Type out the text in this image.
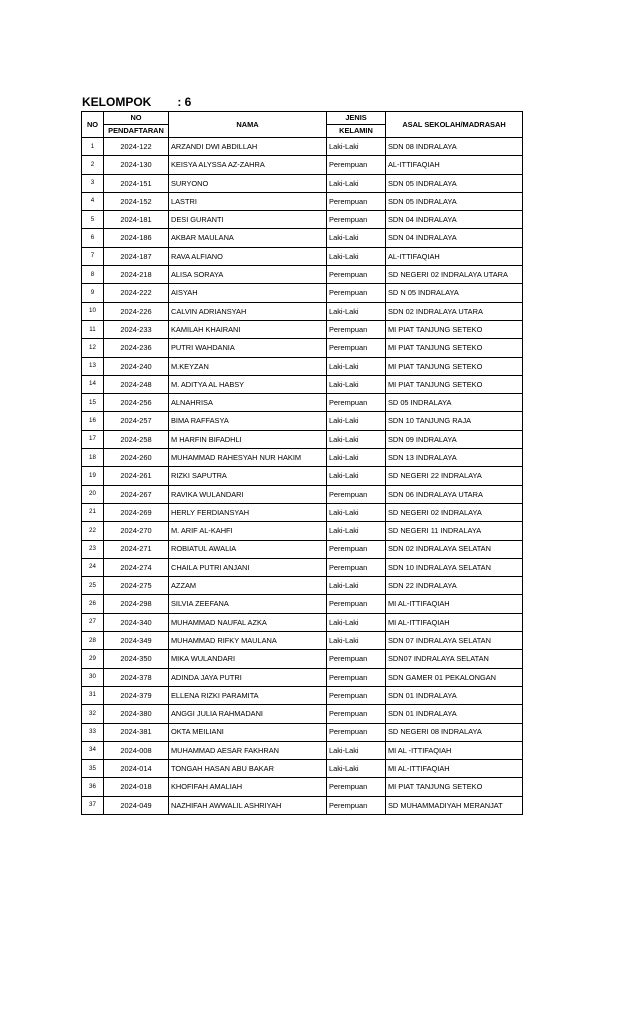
KELOMPOK : 6
NO	NO	NAMA	JENIS	ASAL SEKOLAH/MADRASAH
	PENDAFTARAN		KELAMIN	
1	2024-122	ARZANDI DWI ABDILLAH	Laki-Laki	SDN 08 INDRALAYA
2	2024-130	KEISYA ALYSSA AZ-ZAHRA	Perempuan	AL-ITTIFAQIAH
3	2024-151	SURYONO	Laki-Laki	SDN 05 INDRALAYA
4	2024-152	LASTRI	Perempuan	SDN 05 INDRALAYA
5	2024-181	DESI GURANTI	Perempuan	SDN 04 INDRALAYA
6	2024-186	AKBAR MAULANA	Laki-Laki	SDN 04 INDRALAYA
7	2024-187	RAVA ALFIANO	Laki-Laki	AL-ITTIFAQIAH
8	2024-218	ALISA SORAYA	Perempuan	SD NEGERI 02 INDRALAYA UTARA
9	2024-222	AISYAH	Perempuan	SD N 05 INDRALAYA
10	2024-226	CALVIN ADRIANSYAH	Laki-Laki	SDN 02 INDRALAYA UTARA
11	2024-233	KAMILAH KHAIRANI	Perempuan	MI PIAT TANJUNG SETEKO
12	2024-236	PUTRI WAHDANIA	Perempuan	MI PIAT TANJUNG SETEKO
13	2024-240	M.KEYZAN	Laki-Laki	MI PIAT TANJUNG SETEKO
14	2024-248	M. ADITYA AL HABSY	Laki-Laki	MI PIAT TANJUNG SETEKO
15	2024-256	ALNAHRISA	Perempuan	SD 05 INDRALAYA
16	2024-257	BIMA RAFFASYA	Laki-Laki	SDN 10 TANJUNG RAJA
17	2024-258	M HARFIN BIFADHLI	Laki-Laki	SDN 09 INDRALAYA
18	2024-260	MUHAMMAD RAHESYAH NUR HAKIM	Laki-Laki	SDN 13 INDRALAYA
19	2024-261	RIZKI SAPUTRA	Laki-Laki	SD NEGERI 22 INDRALAYA
20	2024-267	RAVIKA WULANDARI	Perempuan	SDN 06 INDRALAYA UTARA
21	2024-269	HERLY FERDIANSYAH	Laki-Laki	SD NEGERI 02 INDRALAYA
22	2024-270	M. ARIF AL-KAHFI	Laki-Laki	SD NEGERI 11 INDRALAYA
23	2024-271	ROBIATUL AWALIA	Perempuan	SDN 02 INDRALAYA SELATAN
24	2024-274	CHAILA PUTRI ANJANI	Perempuan	SDN 10 INDRALAYA SELATAN
25	2024-275	AZZAM	Laki-Laki	SDN 22 INDRALAYA
26	2024-298	SILVIA ZEEFANA	Perempuan	MI AL-ITTIFAQIAH
27	2024-340	MUHAMMAD NAUFAL AZKA	Laki-Laki	MI AL-ITTIFAQIAH
28	2024-349	MUHAMMAD RIFKY MAULANA	Laki-Laki	SDN 07 INDRALAYA SELATAN
29	2024-350	MIKA WULANDARI	Perempuan	SDN07 INDRALAYA SELATAN
30	2024-378	ADINDA JAYA PUTRI	Perempuan	SDN GAMER 01 PEKALONGAN
31	2024-379	ELLENA RIZKI PARAMITA	Perempuan	SDN 01 INDRALAYA
32	2024-380	ANGGI JULIA RAHMADANI	Perempuan	SDN 01 INDRALAYA
33	2024-381	OKTA MEILIANI	Perempuan	SD NEGERI 08 INDRALAYA
34	2024-008	MUHAMMAD AESAR FAKHRAN	Laki-Laki	MI AL -ITTIFAQIAH
35	2024-014	TONGAH HASAN ABU BAKAR	Laki-Laki	MI AL-ITTIFAQIAH
36	2024-018	KHOFIFAH AMALIAH	Perempuan	MI PIAT TANJUNG SETEKO
37	2024-049	NAZHIFAH AWWALIL ASHRIYAH	Perempuan	SD MUHAMMADIYAH MERANJAT
